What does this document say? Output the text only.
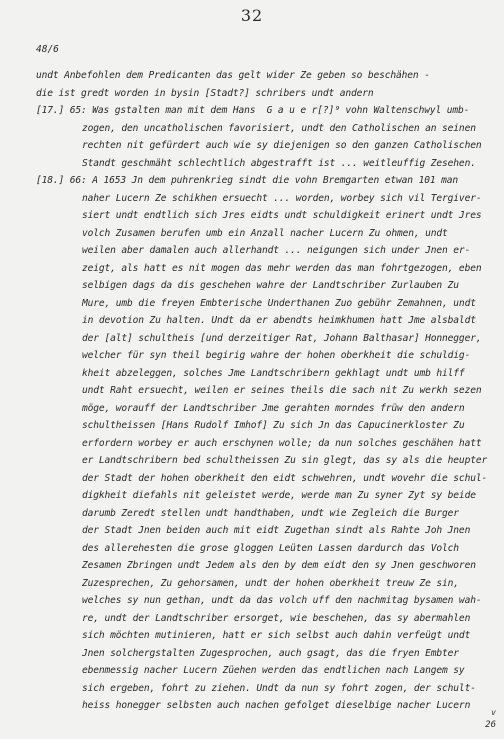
32
48/6
undt Anbefohlen dem Predicanten das gelt wider Ze geben so beschähen -
die ist gredt worden in bysin [Stadt?] schribers undt andern
[17.] 65: Was gstalten man mit dem Hans  G a u e r[?]⁹ vohn Waltenschwyl umb-
zogen, den uncatholischen favorisiert, undt den Catholischen an seinen
rechten nit gefürdert auch wie sy diejenigen so den ganzen Catholischen
Standt geschmäht schlechtlich abgestrafft ist ... weitleuffig Zesehen.
[18.] 66: A 1653 Jn dem puhrenkrieg sindt die vohn Bremgarten etwan 101 man
naher Lucern Ze schikhen ersuecht ... worden, worbey sich vil Tergiver-
siert undt endtlich sich Jres eidts undt schuldigkeit erinert undt Jres
volch Zusamen berufen umb ein Anzall nacher Lucern Zu ohmen, undt
weilen aber damalen auch allerhandt ... neigungen sich under Jnen er-
zeigt, als hatt es nit mogen das mehr werden das man fohrtgezogen, eben
selbigen dags da dis geschehen wahre der Landtschriber Zurlauben Zu
Mure, umb die freyen Embterische Underthanen Zuo gebühr Zemahnen, undt
in devotion Zu halten. Undt da er abendts heimkhumen hatt Jme alsbaldt
der [alt] schultheis [und derzeitiger Rat, Johann Balthasar] Honnegger,
welcher für syn theil begirig wahre der hohen oberkheit die schuldig-
kheit abzeleggen, solches Jme Landtschribern gekhlagt undt umb hilff
undt Raht ersuecht, weilen er seines theils die sach nit Zu werkh sezen
möge, worauff der Landtschriber Jme gerahten morndes früw den andern
schultheissen [Hans Rudolf Imhof] Zu sich Jn das Capucinerkloster Zu
erfordern worbey er auch erschynen wolle; da nun solches geschähen hatt
er Landtschribern bed schultheissen Zu sin glegt, das sy als die heupter
der Stadt der hohen oberkheit den eidt schwehren, undt wovehr die schul-
digkheit diefahls nit geleistet werde, werde man Zu syner Zyt sy beide
darumb Zeredt stellen undt handthaben, undt wie Zegleich die Burger
der Stadt Jnen beiden auch mit eidt Zugethan sindt als Rahte Joh Jnen
des allerehesten die grose gloggen Leüten Lassen dardurch das Volch
Zesamen Zbringen undt Jedem als den by dem eidt den sy Jnen geschworen
Zuzesprechen, Zu gehorsamen, undt der hohen oberkheit treuw Ze sin,
welches sy nun gethan, undt da das volch uff den nachmitag bysamen wah-
re, undt der Landtschriber ersorget, wie beschehen, das sy abermahlen
sich möchten mutinieren, hatt er sich selbst auch dahin verfeügt undt
Jnen solchergstalten Zugesprochen, auch gsagt, das die fryen Embter
ebenmessig nacher Lucern Züehen werden das endtlichen nach Langem sy
sich ergeben, fohrt zu ziehen. Undt da nun sy fohrt zogen, der schult-
heiss honegger selbsten auch nachen gefolget dieselbige nacher Lucern
v
26
